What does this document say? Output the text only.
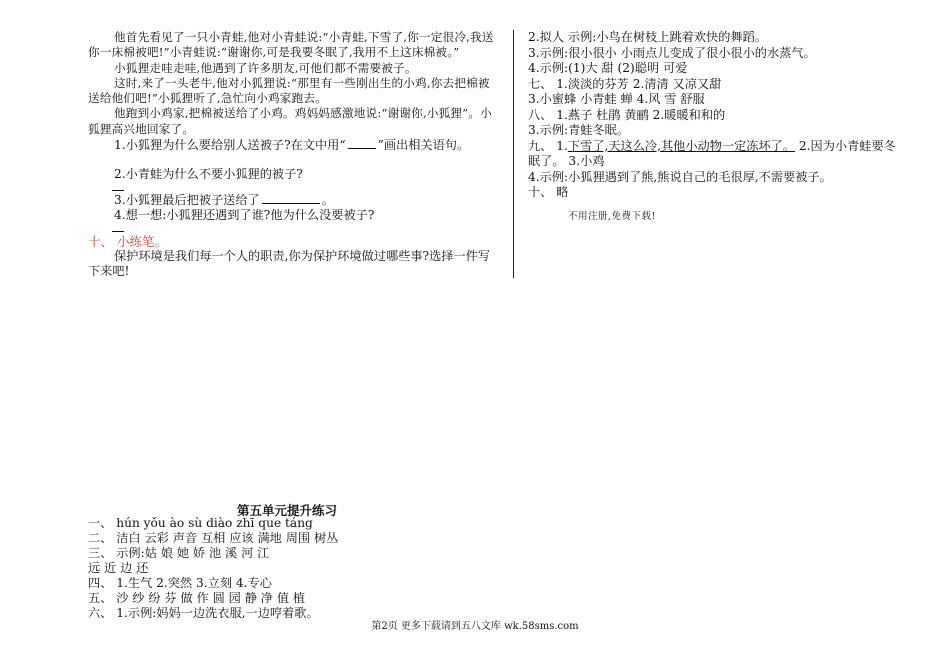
他首先看见了一只小青蛙,他对小青蛙说:“小青蛙,下雪了,你一定很冷,我送你一床棉被吧!”小青蛙说:“谢谢你,可是我要冬眠了,我用不上这床棉被。”

小狐狸走哇走哇,他遇到了许多朋友,可他们都不需要被子。

这时,来了一头老牛,他对小狐狸说:“那里有一些刚出生的小鸡,你去把棉被送给他们吧!”小狐狸听了,急忙向小鸡家跑去。

他跑到小鸡家,把棉被送给了小鸡。鸡妈妈感激地说:“谢谢你,小狐狸”。小狐狸高兴地回家了。

1.小狐狸为什么要给别人送被子?在文中用“	”画出相关语句。

2.小青蛙为什么不要小狐狸的被子?

3.小狐狸最后把被子送给了	。

4.想一想:小狐狸还遇到了谁?他为什么没要被子?

十、 小练笔。

保护环境是我们每一个人的职责,你为保护环境做过哪些事?选择一件写下来吧!

2.拟人 示例:小鸟在树枝上跳着欢快的舞蹈。

3.示例:很小很小 小雨点儿变成了很小很小的水蒸气。

4.示例:(1)大 甜 (2)聪明 可爱

七、 1.淡淡的芬芳 2.清清 又凉又甜

3.小蜜蜂 小青蛙 蝉 4.风 雪 舒服

八、 1.燕子 杜鹃 黄鹂 2.暖暖和和的

3.示例:青蛙冬眠。

九、 1.下雪了,天这么冷,其他小动物一定冻坏了。 2.因为小青蛙要冬

眠了。 3.小鸡

4.示例:小狐狸遇到了熊,熊说自己的毛很厚,不需要被子。

十、 略

不用注册,免费下载!
第五单元提升练习

一、 hún yǒu ào sù diào zhī que táng

二、 洁白 云彩 声音 互相 应该 满地 周围 树丛

三、 示例:姑 娘 她 娇 池 溪 河 江

远 近 边 还

四、 1.生气 2.突然 3.立刻 4.专心

五、 沙 纱 纷 芬 做 作 圆 园 静 净 值 植

六、 1.示例:妈妈一边洗衣服,一边哼着歌。

第2页 更多下载请到五八文库 wk.58sms.com
